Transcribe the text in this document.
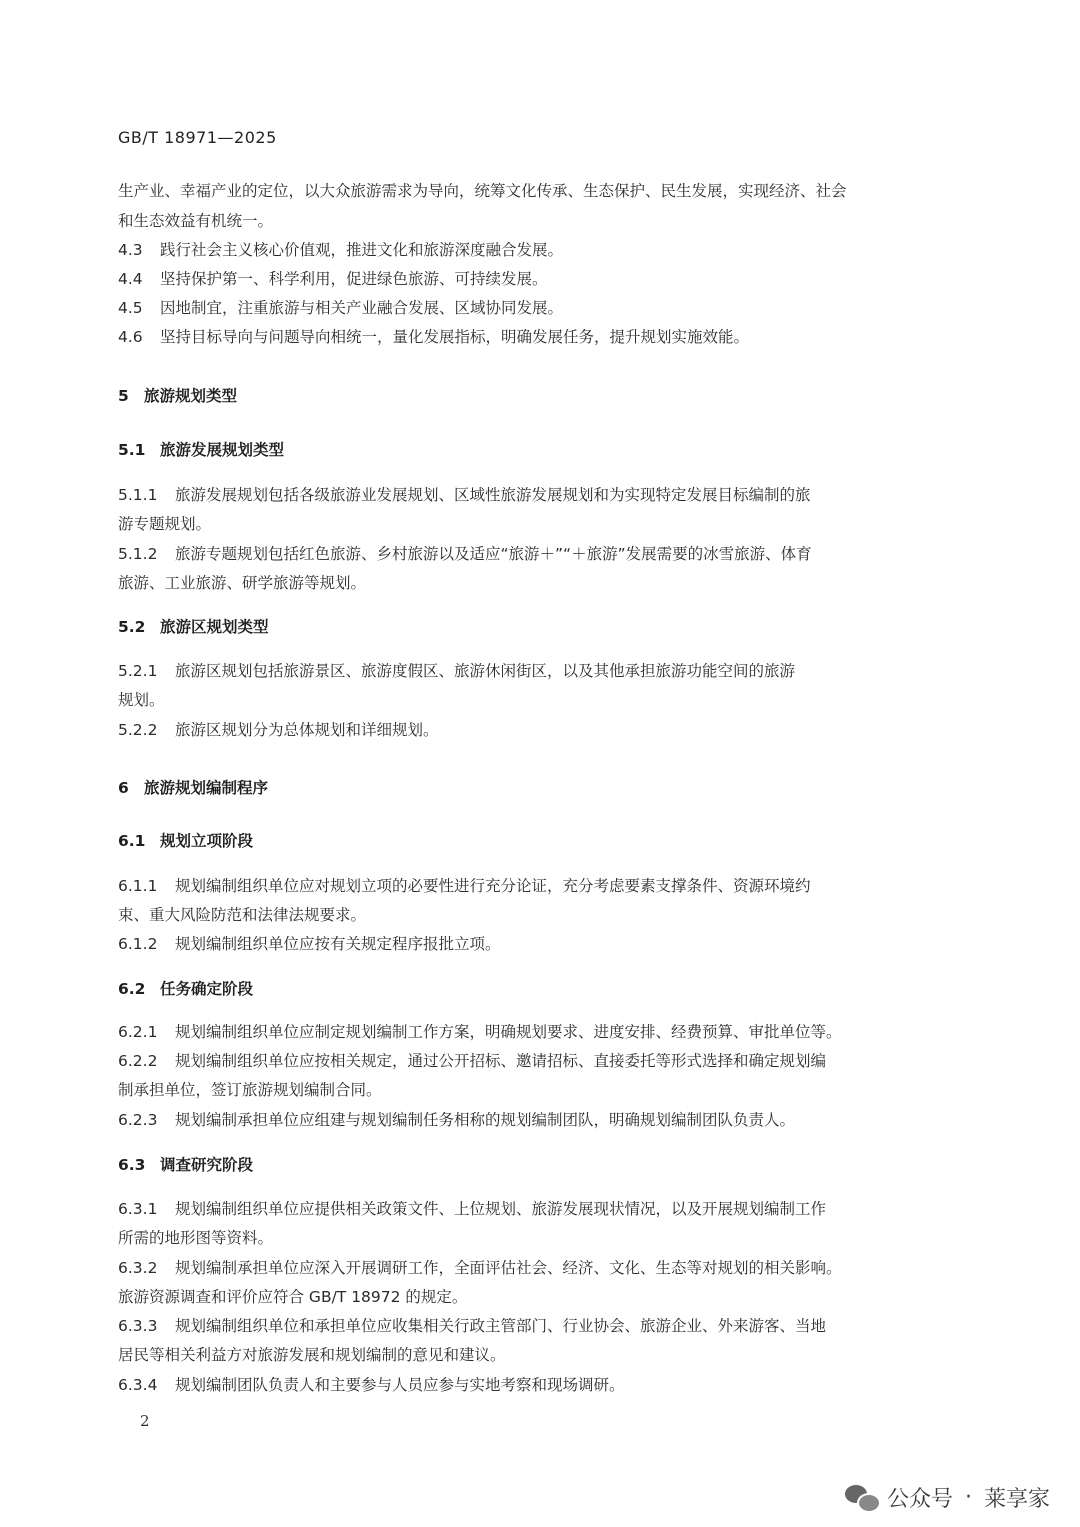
GB/T 18971—2025
生产业、幸福产业的定位，以大众旅游需求为导向，统筹文化传承、生态保护、民生发展，实现经济、社会
和生态效益有机统一。
4.3 践行社会主义核心价值观，推进文化和旅游深度融合发展。
4.4 坚持保护第一、科学利用，促进绿色旅游、可持续发展。
4.5 因地制宜，注重旅游与相关产业融合发展、区域协同发展。
4.6 坚持目标导向与问题导向相统一，量化发展指标，明确发展任务，提升规划实施效能。
5 旅游规划类型
5.1 旅游发展规划类型
5.1.1 旅游发展规划包括各级旅游业发展规划、区域性旅游发展规划和为实现特定发展目标编制的旅
游专题规划。
5.1.2 旅游专题规划包括红色旅游、乡村旅游以及适应“旅游＋”“＋旅游”发展需要的冰雪旅游、体育
旅游、工业旅游、研学旅游等规划。
5.2 旅游区规划类型
5.2.1 旅游区规划包括旅游景区、旅游度假区、旅游休闲街区，以及其他承担旅游功能空间的旅游
规划。
5.2.2 旅游区规划分为总体规划和详细规划。
6 旅游规划编制程序
6.1 规划立项阶段
6.1.1 规划编制组织单位应对规划立项的必要性进行充分论证，充分考虑要素支撑条件、资源环境约
束、重大风险防范和法律法规要求。
6.1.2 规划编制组织单位应按有关规定程序报批立项。
6.2 任务确定阶段
6.2.1 规划编制组织单位应制定规划编制工作方案，明确规划要求、进度安排、经费预算、审批单位等。
6.2.2 规划编制组织单位应按相关规定，通过公开招标、邀请招标、直接委托等形式选择和确定规划编
制承担单位，签订旅游规划编制合同。
6.2.3 规划编制承担单位应组建与规划编制任务相称的规划编制团队，明确规划编制团队负责人。
6.3 调查研究阶段
6.3.1 规划编制组织单位应提供相关政策文件、上位规划、旅游发展现状情况，以及开展规划编制工作
所需的地形图等资料。
6.3.2 规划编制承担单位应深入开展调研工作，全面评估社会、经济、文化、生态等对规划的相关影响。
旅游资源调查和评价应符合 GB/T 18972 的规定。
6.3.3 规划编制组织单位和承担单位应收集相关行政主管部门、行业协会、旅游企业、外来游客、当地
居民等相关利益方对旅游发展和规划编制的意见和建议。
6.3.4 规划编制团队负责人和主要参与人员应参与实地考察和现场调研。
2
公众号 · 莱享家
